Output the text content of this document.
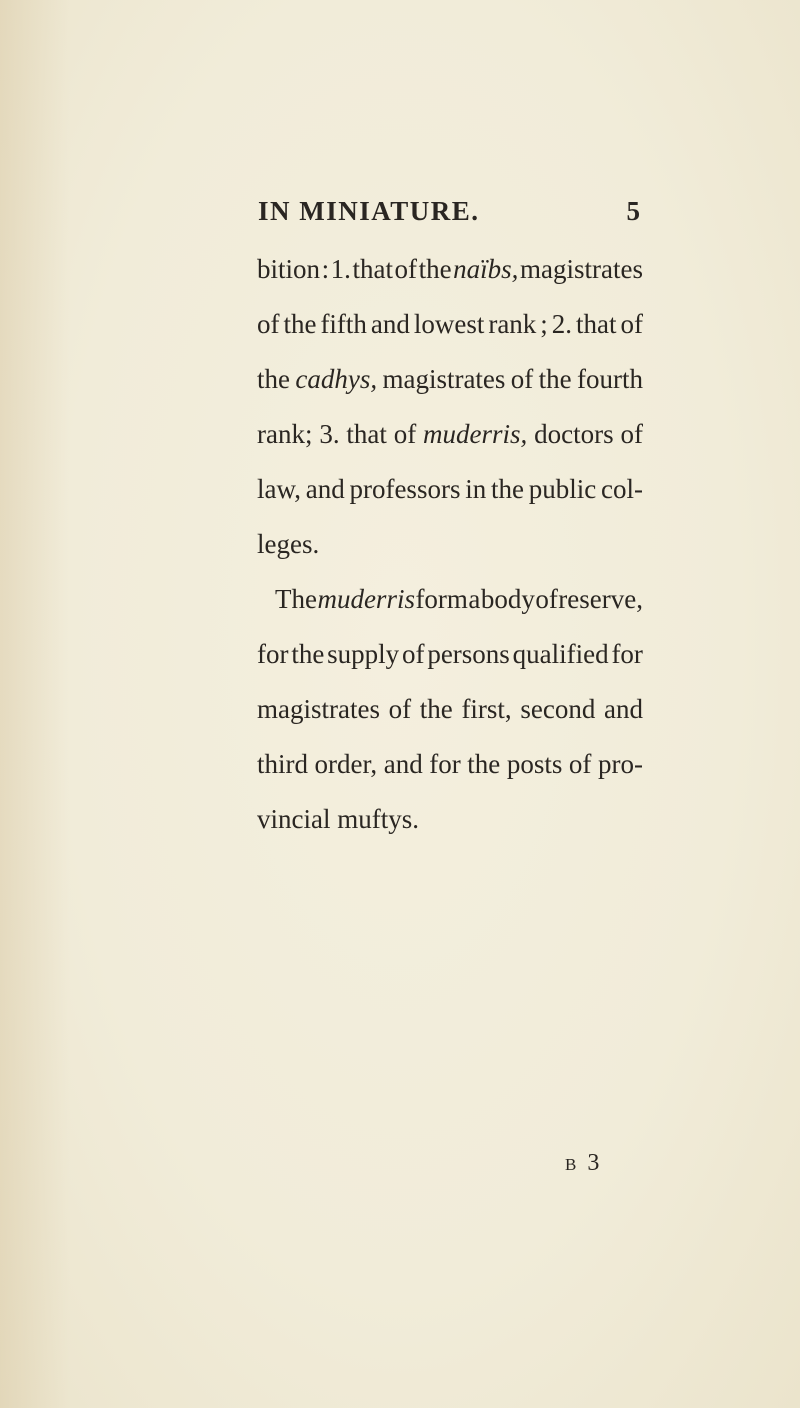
IN MINIATURE.	5
bition : 1. that of the naïbs, magistrates
of the fifth and lowest rank ; 2. that of
the cadhys, magistrates of the fourth
rank; 3. that of muderris, doctors of
law, and professors in the public col-
leges.
The muderris form a body of reserve,
for the supply of persons qualified for
magistrates of the first, second and
third order, and for the posts of pro-
vincial muftys.
B 3
